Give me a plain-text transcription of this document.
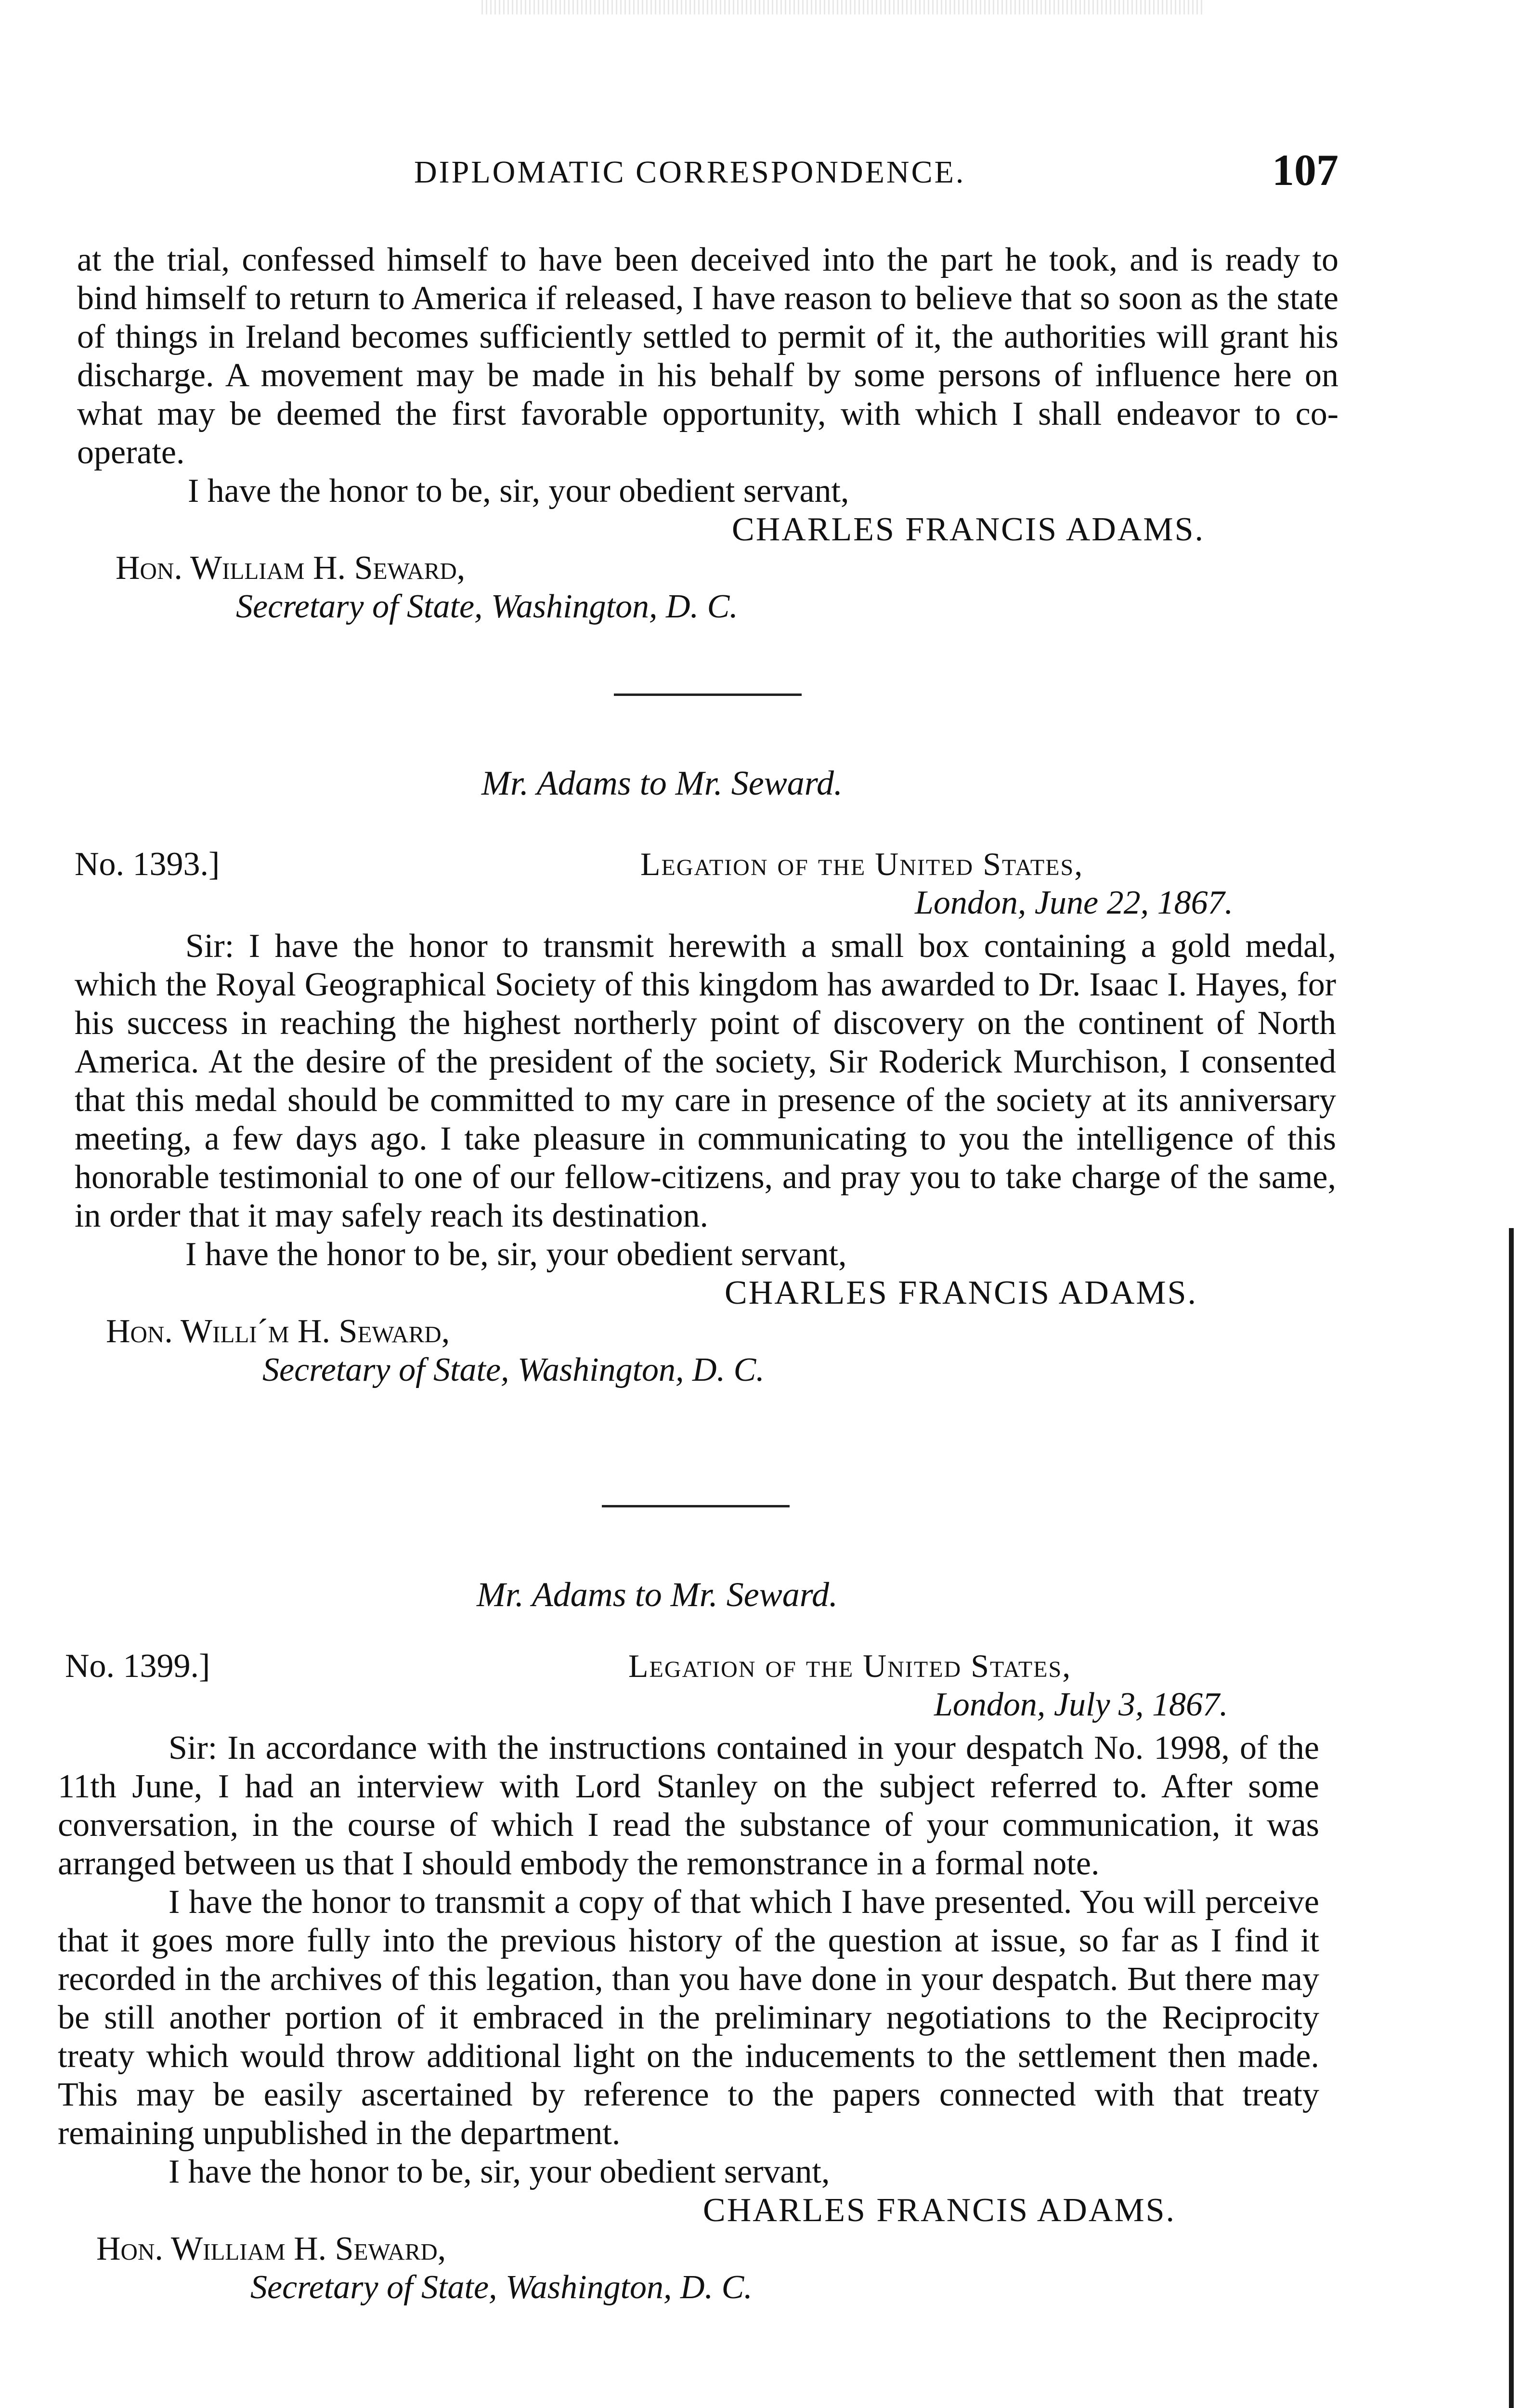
DIPLOMATIC CORRESPONDENCE.	107

at the trial, confessed himself to have been deceived into the part he took, and is ready to bind himself to return to America if released, I have reason to believe that so soon as the state of things in Ireland becomes sufficiently settled to permit of it, the authorities will grant his discharge. A movement may be made in his behalf by some persons of influence here on what may be deemed the first favorable opportunity, with which I shall endeavor to co-operate.

I have the honor to be, sir, your obedient servant,

CHARLES FRANCIS ADAMS.
Hon. William H. Seward,
Secretary of State, Washington, D. C.
Mr. Adams to Mr. Seward.
No. 1393.]	Legation of the United States,
London, June 22, 1867.

Sir: I have the honor to transmit herewith a small box containing a gold medal, which the Royal Geographical Society of this kingdom has awarded to Dr. Isaac I. Hayes, for his success in reaching the highest northerly point of discovery on the continent of North America. At the desire of the president of the society, Sir Roderick Murchison, I consented that this medal should be committed to my care in presence of the society at its anniversary meeting, a few days ago. I take pleasure in communicating to you the intelligence of this honorable testimonial to one of our fellow-citizens, and pray you to take charge of the same, in order that it may safely reach its destination.

I have the honor to be, sir, your obedient servant,

CHARLES FRANCIS ADAMS.
Hon. Willi´m H. Seward,
Secretary of State, Washington, D. C.
Mr. Adams to Mr. Seward.
No. 1399.]	Legation of the United States,
London, July 3, 1867.

Sir: In accordance with the instructions contained in your despatch No. 1998, of the 11th June, I had an interview with Lord Stanley on the subject referred to. After some conversation, in the course of which I read the substance of your communication, it was arranged between us that I should embody the remonstrance in a formal note.

I have the honor to transmit a copy of that which I have presented. You will perceive that it goes more fully into the previous history of the question at issue, so far as I find it recorded in the archives of this legation, than you have done in your despatch. But there may be still another portion of it embraced in the preliminary negotiations to the Reciprocity treaty which would throw additional light on the inducements to the settlement then made. This may be easily ascertained by reference to the papers connected with that treaty remaining unpublished in the department.

I have the honor to be, sir, your obedient servant,

CHARLES FRANCIS ADAMS.
Hon. William H. Seward,
Secretary of State, Washington, D. C.
